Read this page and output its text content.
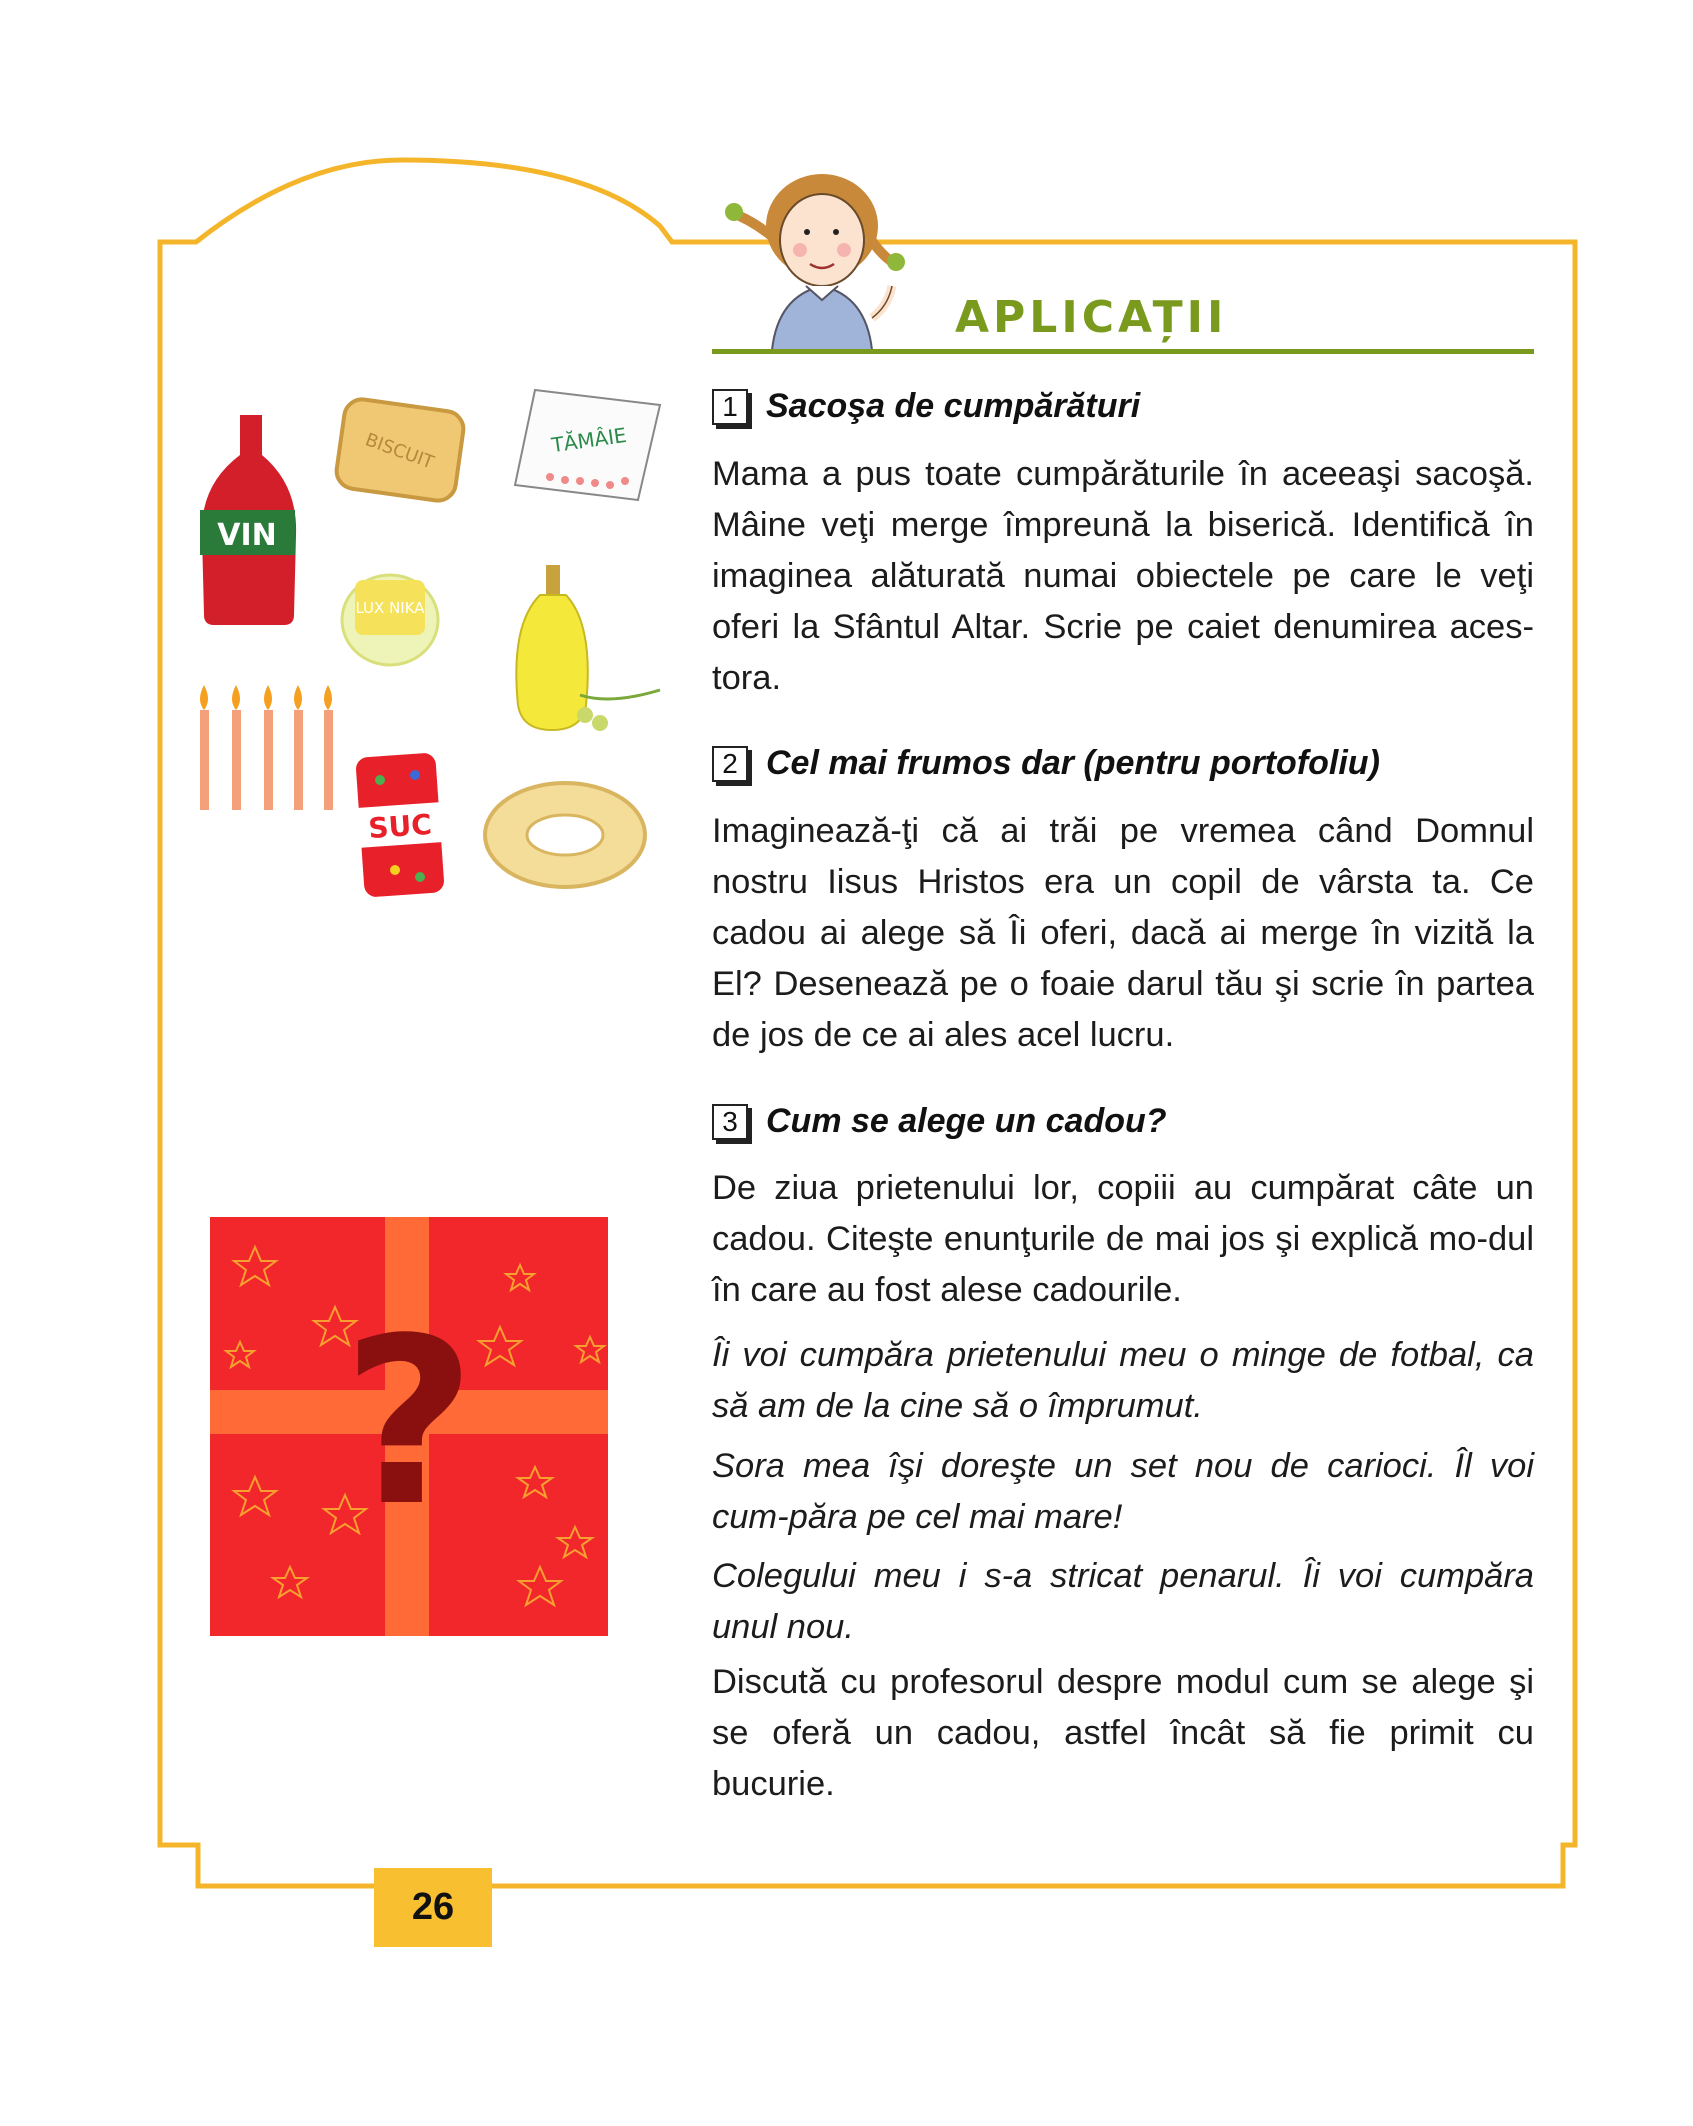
APLICAȚII
VIN
BISCUIT	TĂMÂIE
LUX NIKA
SUC
?
1 Sacoşa de cumpărături
Mama a pus toate cumpărăturile în aceeaşi sacoşă. Mâine veţi merge împreună la biserică. Identifică în imaginea alăturată numai obiectele pe care le veţi oferi la Sfântul Altar. Scrie pe caiet denumirea aces-tora.
2 Cel mai frumos dar (pentru portofoliu)
Imaginează-ţi că ai trăi pe vremea când Domnul nostru Iisus Hristos era un copil de vârsta ta. Ce cadou ai alege să Îi oferi, dacă ai merge în vizită la El? Desenează pe o foaie darul tău şi scrie în partea de jos de ce ai ales acel lucru.
3 Cum se alege un cadou?
De ziua prietenului lor, copiii au cumpărat câte un cadou. Citeşte enunţurile de mai jos şi explică mo-dul în care au fost alese cadourile.
Îi voi cumpăra prietenului meu o minge de fotbal, ca să am de la cine să o împrumut.
Sora mea îşi doreşte un set nou de carioci. Îl voi cum-păra pe cel mai mare!
Colegului meu i s-a stricat penarul. Îi voi cumpăra unul nou.
Discută cu profesorul despre modul cum se alege şi se oferă un cadou, astfel încât să fie primit cu bucurie.
26
